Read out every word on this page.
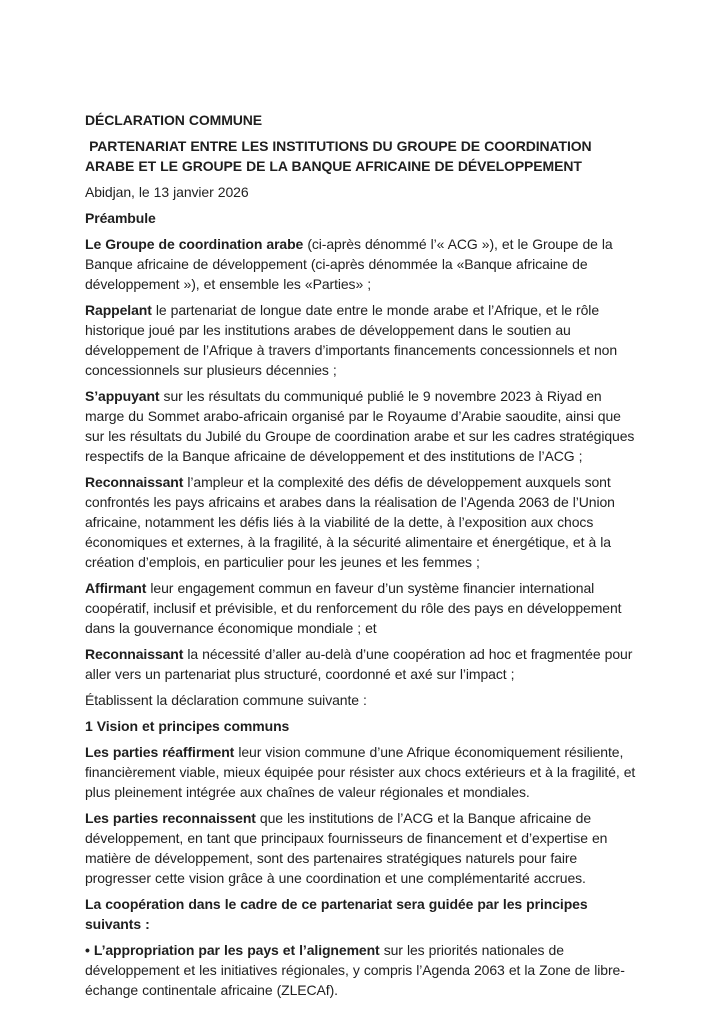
DÉCLARATION COMMUNE

PARTENARIAT ENTRE LES INSTITUTIONS DU GROUPE DE COORDINATION ARABE ET LE GROUPE DE LA BANQUE AFRICAINE DE DÉVELOPPEMENT

Abidjan, le 13 janvier 2026

Préambule

Le Groupe de coordination arabe (ci-après dénommé l’« ACG »), et le Groupe de la Banque africaine de développement (ci-après dénommée la «Banque africaine de développement »), et ensemble les «Parties» ;

Rappelant le partenariat de longue date entre le monde arabe et l’Afrique, et le rôle historique joué par les institutions arabes de développement dans le soutien au développement de l’Afrique à travers d’importants financements concessionnels et non concessionnels sur plusieurs décennies ;

S’appuyant sur les résultats du communiqué publié le 9 novembre 2023 à Riyad en marge du Sommet arabo-africain organisé par le Royaume d’Arabie saoudite, ainsi que sur les résultats du Jubilé du Groupe de coordination arabe et sur les cadres stratégiques respectifs de la Banque africaine de développement et des institutions de l’ACG ;

Reconnaissant l’ampleur et la complexité des défis de développement auxquels sont confrontés les pays africains et arabes dans la réalisation de l’Agenda 2063 de l’Union africaine, notamment les défis liés à la viabilité de la dette, à l’exposition aux chocs économiques et externes, à la fragilité, à la sécurité alimentaire et énergétique, et à la création d’emplois, en particulier pour les jeunes et les femmes ;

Affirmant leur engagement commun en faveur d’un système financier international coopératif, inclusif et prévisible, et du renforcement du rôle des pays en développement dans la gouvernance économique mondiale ; et

Reconnaissant la nécessité d’aller au-delà d’une coopération ad hoc et fragmentée pour aller vers un partenariat plus structuré, coordonné et axé sur l’impact ;

Établissent la déclaration commune suivante :

1 Vision et principes communs

Les parties réaffirment leur vision commune d’une Afrique économiquement résiliente, financièrement viable, mieux équipée pour résister aux chocs extérieurs et à la fragilité, et plus pleinement intégrée aux chaînes de valeur régionales et mondiales.

Les parties reconnaissent que les institutions de l’ACG et la Banque africaine de développement, en tant que principaux fournisseurs de financement et d’expertise en matière de développement, sont des partenaires stratégiques naturels pour faire progresser cette vision grâce à une coordination et une complémentarité accrues.

La coopération dans le cadre de ce partenariat sera guidée par les principes suivants :

• L’appropriation par les pays et l’alignement sur les priorités nationales de développement et les initiatives régionales, y compris l’Agenda 2063 et la Zone de libre-échange continentale africaine (ZLECAf).
